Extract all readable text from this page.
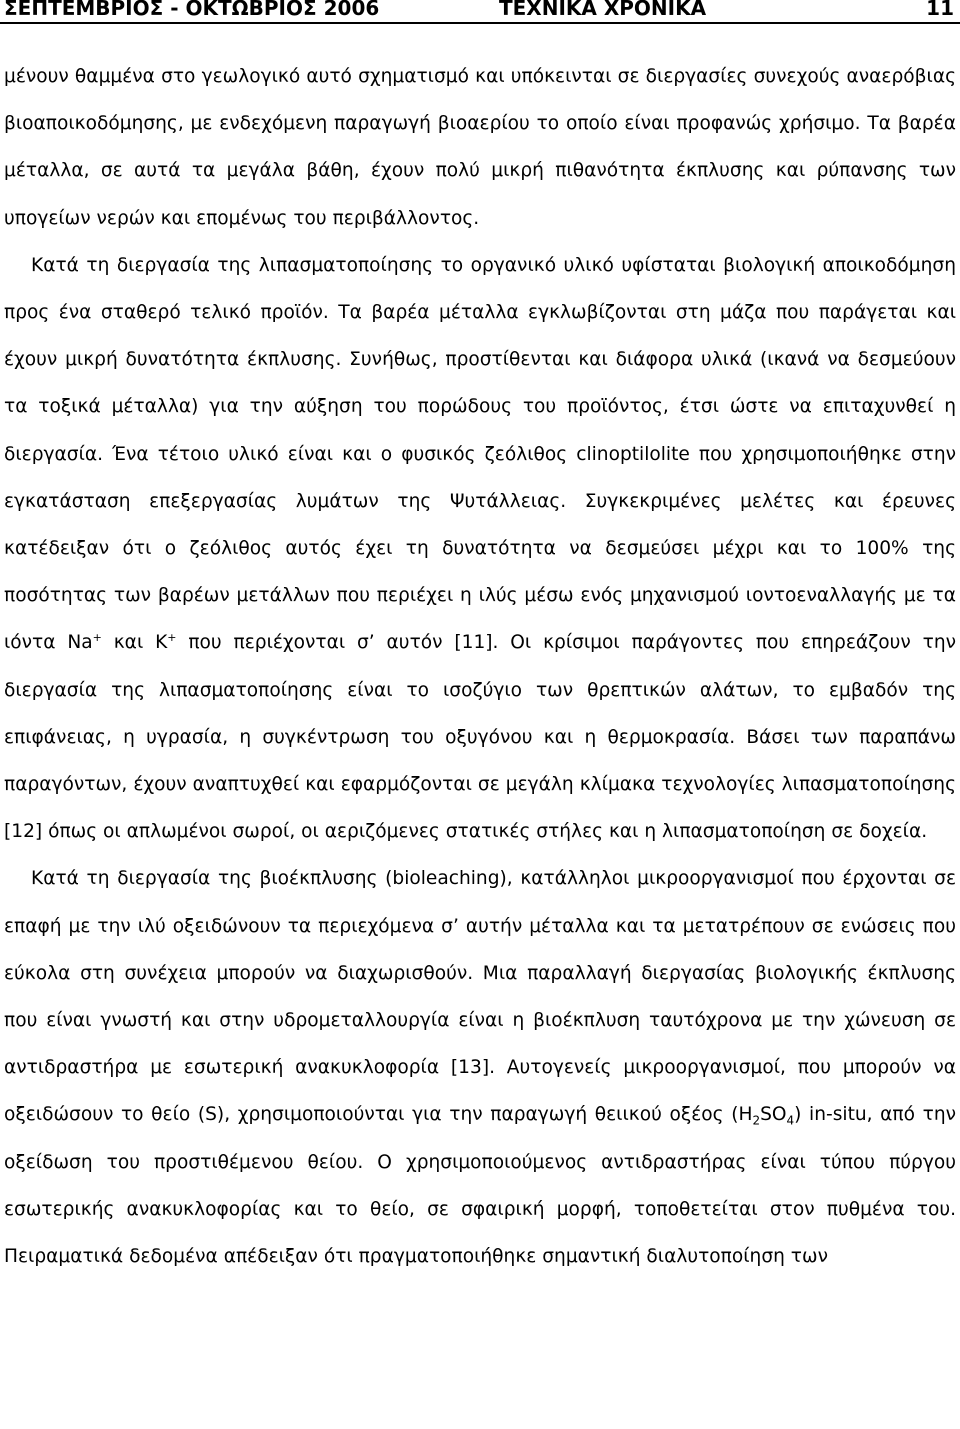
ΣΕΠΤΕΜΒΡΙΟΣ - ΟΚΤΩΒΡΙΟΣ 2006	ΤΕΧΝΙΚΑ ΧΡΟΝΙΚΑ	11

μένουν θαμμένα στο γεωλογικό αυτό σχηματισμό και υπόκεινται σε διεργασίες συνεχούς αναερόβιας βιοαποικοδόμησης, με ενδεχόμενη παραγωγή βιοαερίου το οποίο είναι προφανώς χρήσιμο. Τα βαρέα μέταλλα, σε αυτά τα μεγάλα βάθη, έχουν πολύ μικρή πιθανότητα έκπλυσης και ρύπανσης των υπογείων νερών και επομένως του περιβάλλοντος.

Κατά τη διεργασία της λιπασματοποίησης το οργανικό υλικό υφίσταται βιολογική αποικοδόμηση προς ένα σταθερό τελικό προϊόν. Τα βαρέα μέταλλα εγκλωβίζονται στη μάζα που παράγεται και έχουν μικρή δυνατότητα έκπλυσης. Συνήθως, προστίθενται και διάφορα υλικά (ικανά να δεσμεύουν τα τοξικά μέταλλα) για την αύξηση του πορώδους του προϊόντος, έτσι ώστε να επιταχυνθεί η διεργασία. Ένα τέτοιο υλικό είναι και ο φυσικός ζεόλιθος clinoptilolite που χρησιμοποιήθηκε στην εγκατάσταση επεξεργασίας λυμάτων της Ψυτάλλειας. Συγκεκριμένες μελέτες και έρευνες κατέδειξαν ότι ο ζεόλιθος αυτός έχει τη δυνατότητα να δεσμεύσει μέχρι και το 100% της ποσότητας των βαρέων μετάλλων που περιέχει η ιλύς μέσω ενός μηχανισμού ιοντοεναλλαγής με τα ιόντα Na+ και K+ που περιέχονται σ’ αυτόν [11]. Οι κρίσιμοι παράγοντες που επηρεάζουν την διεργασία της λιπασματοποίησης είναι το ισοζύγιο των θρεπτικών αλάτων, το εμβαδόν της επιφάνειας, η υγρασία, η συγκέντρωση του οξυγόνου και η θερμοκρασία. Βάσει των παραπάνω παραγόντων, έχουν αναπτυχθεί και εφαρμόζονται σε μεγάλη κλίμακα τεχνολογίες λιπασματοποίησης [12] όπως οι απλωμένοι σωροί, οι αεριζόμενες στατικές στήλες και η λιπασματοποίηση σε δοχεία.

Κατά τη διεργασία της βιοέκπλυσης (bioleaching), κατάλληλοι μικροοργανισμοί που έρχονται σε επαφή με την ιλύ οξειδώνουν τα περιεχόμενα σ’ αυτήν μέταλλα και τα μετατρέπουν σε ενώσεις που εύκολα στη συνέχεια μπορούν να διαχωρισθούν. Μια παραλλαγή διεργασίας βιολογικής έκπλυσης που είναι γνωστή και στην υδρομεταλλουργία είναι η βιοέκπλυση ταυτόχρονα με την χώνευση σε αντιδραστήρα με εσωτερική ανακυκλοφορία [13]. Αυτογενείς μικροοργανισμοί, που μπορούν να οξειδώσουν το θείο (S), χρησιμοποιούνται για την παραγωγή θειικού οξέος $(H_2SO_4)$ in-situ, από την οξείδωση του προστιθέμενου θείου. Ο χρησιμοποιούμενος αντιδραστήρας είναι τύπου πύργου εσωτερικής ανακυκλοφορίας και το θείο, σε σφαιρική μορφή, τοποθετείται στον πυθμένα του. Πειραματικά δεδομένα απέδειξαν ότι πραγματοποιήθηκε σημαντική διαλυτοποίηση των
